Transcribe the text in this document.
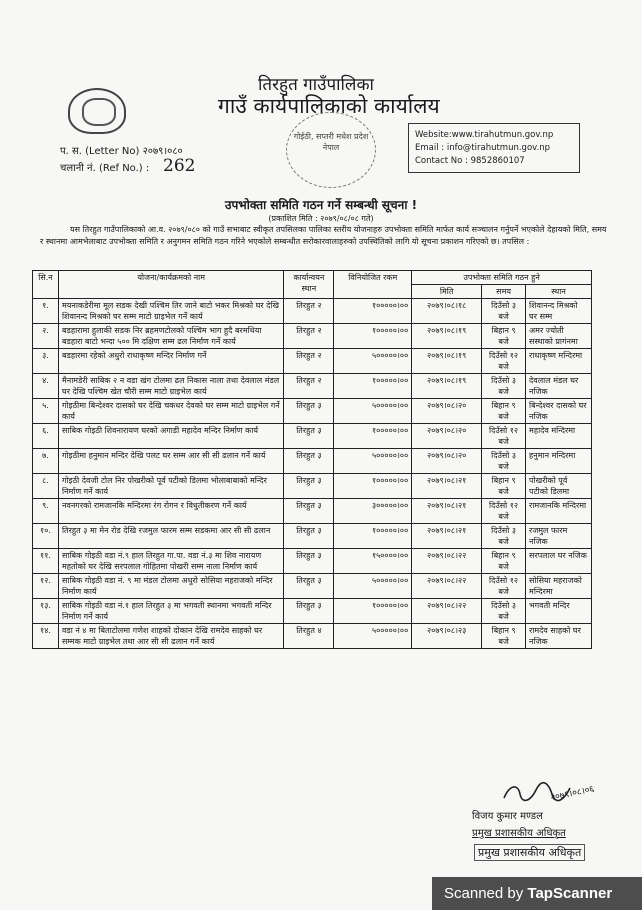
तिरहुत गाउँपालिका
गाउँ कार्यपालिकाको कार्यालय
गोईठी, सप्तरी मधेश प्रदेश नेपाल
प. स. (Letter No) २०७९।०८०
चलानी नं. (Ref No.) : 262
Website:www.tirahutmun.gov.np
Email : info@tirahutmun.gov.np
Contact No : 9852860107
उपभोक्ता समिति गठन गर्ने सम्बन्धी सूचना !
(प्रकाशित मिति : २०७९/०८/०८ गते)
यस तिरहुत गाउँपालिकाको आ.व. २०७९/०८० को गाउँ सभाबाट स्वीकृत तपसिलका पालिका स्तरीय योजनाहरु उपभोक्ता समिति मार्फत कार्य सञ्चालन गर्नुपर्ने भएकोले देहायको मिति, समय र स्थानमा आमभेलाबाट उपभोक्ता समिति र अनुगमन समिति गठन गरिने भएकोले सम्बन्धीत सरोकारवालाहरुको उपस्थितिको लागि यो सूचना प्रकाशन गरिएको छ। तपसिल :
सि.न	योजना/कार्यक्रमको नाम	कार्यान्वयन स्थान	विनियोजित रकम	उपभोक्ता समिति गठन हुने		
				मिति	समय	स्थान
१.	मयनाकडेरीमा मूल सडक देखी पश्चिम तिर जाने बाटो भकर मिश्रको घर देखि शिवानन्द मिश्रको घर सम्म माटो ग्राइभेल गर्ने कार्य	तिरहुत २	१०००००।००	२०७९।०८।१८	दिउँसो ३ बजे	शिवानन्द मिश्रको घर सम्म
२.	बडहारामा हुलाकी सडक निर ब्रहमणटोलको पश्चिम भाग हुदै बरमथिया बडहारा बाटो भन्दा ५०० मि दक्षिण सम्म ढल निर्माण गर्ने कार्य	तिरहुत २	१०००००।००	२०७९।०८।१९	बिहान ९ बजे	अमर ज्योती सस्थाको प्रागंनमा
३.	बडहारमा रहेको अधुरो राधाकृष्ण मन्दिर निर्माण गर्ने	तिरहुत २	५०००००।००	२०७९।०८।१९	दिउँसो १२ बजे	राधाकृष्ण मन्दिरमा
४.	मैनामडेरी साबिक २ न वडा खंग टोलमा ढल निकास नाला तथा देवलाल मंडल घर देखि पश्चिम खेत चौरी सम्म माटो ग्राइभेल कार्य	तिरहुत २	१०००००।००	२०७९।०८।१९	दिउँसो ३ बजे	देवलाल मंडल घर नजिक
५.	गोइठीमा बिन्देश्वर दासको घर देखि चकधर देवको घर सम्म माटो ग्राइभेल गर्ने कार्य	तिरहुत ३	५०००००।००	२०७९।०८।२०	बिहान ९ बजे	बिन्देश्वर दासको घर नजिक
६.	साबिक गोइठी शिवनारायण घरको अगाडी महादेव मन्दिर निर्माण कार्य	तिरहुत ३	१०००००।००	२०७९।०८।२०	दिउँसो १२ बजे	महादेव मन्दिरमा
७.	गोइठीमा हनुमान मन्दिर देखि पलट घर सम्म आर सी सी ढलान गर्ने कार्य	तिरहुत ३	५०००००।००	२०७९।०८।२०	दिउँसो ३ बजे	हनुमान मन्दिरमा
८.	गोइठी देवजी टोल निर पोखरीको पूर्व पटीको डिलमा भोलाबाबाको मन्दिर निर्माण गर्ने कार्य	तिरहुत ३	१०००००।००	२०७९।०८।२१	बिहान ९ बजे	पोखरीको पूर्व पटीको डिलमा
९.	नवनगरको रामजानकि मन्दिरमा रंग रोगन र विधुतीकरण गर्ने कार्य	तिरहुत ३	३०००००।००	२०७९।०८।२१	दिउँसो १२ बजे	रामजानकि मन्दिरमा
१०.	तिरहुत ३ मा मेन रोड देखि रजमुल फारम सम्म सडकमा आर सी सी ढलान	तिरहुत ३	१०००००।००	२०७९।०८।२१	दिउँसो ३ बजे	रजमुल फारम नजिक
११.	साबिक गोइठी वडा नं.९ हाल तिरहुत गा.पा. वडा नं.३ मा शिव नारायण महतोको घर देखि सरपलाल गोहितमा पोखरी सम्म नाला निर्माण कार्य	तिरहुत ३	१५००००।००	२०७९।०८।२२	बिहान ९ बजे	सरपलाल घर नजिक
१२.	साबिक गोइठी वडा नं. ९ मा मंडल टोलमा अधुरो सोसिया महराजको मन्दिर निर्माण कार्य	तिरहुत ३	५०००००।००	२०७९।०८।२२	दिउँसो १२ बजे	सोसिया महराजको मन्दिरमा
१३.	साबिक गोइठी वडा नं.१ हाल तिरहुत ३ मा भगवती स्थानमा भगवती मन्दिर निर्माण गर्ने कार्य	तिरहुत ३	१०००००।००	२०७९।०८।२२	दिउँसो ३ बजे	भगवती मन्दिर
१४.	वडा नं ४ मा बिताटोलमा गणेश शाहको दोकान देखि रामदेव साहको घर सम्मक माटो ग्राइभेल तथा आर सी सी ढलान गर्ने कार्य	तिरहुत ४	५०००००।००	२०७९।०८।२३	बिहान ९ बजे	रामदेव साहको घर नजिक
२०७९।०८।०६
विजय कुमार मण्डल
प्रमुख प्रशासकीय अधिकृत
प्रमुख प्रशासकीय अधिकृत
Scanned by TapScanner
